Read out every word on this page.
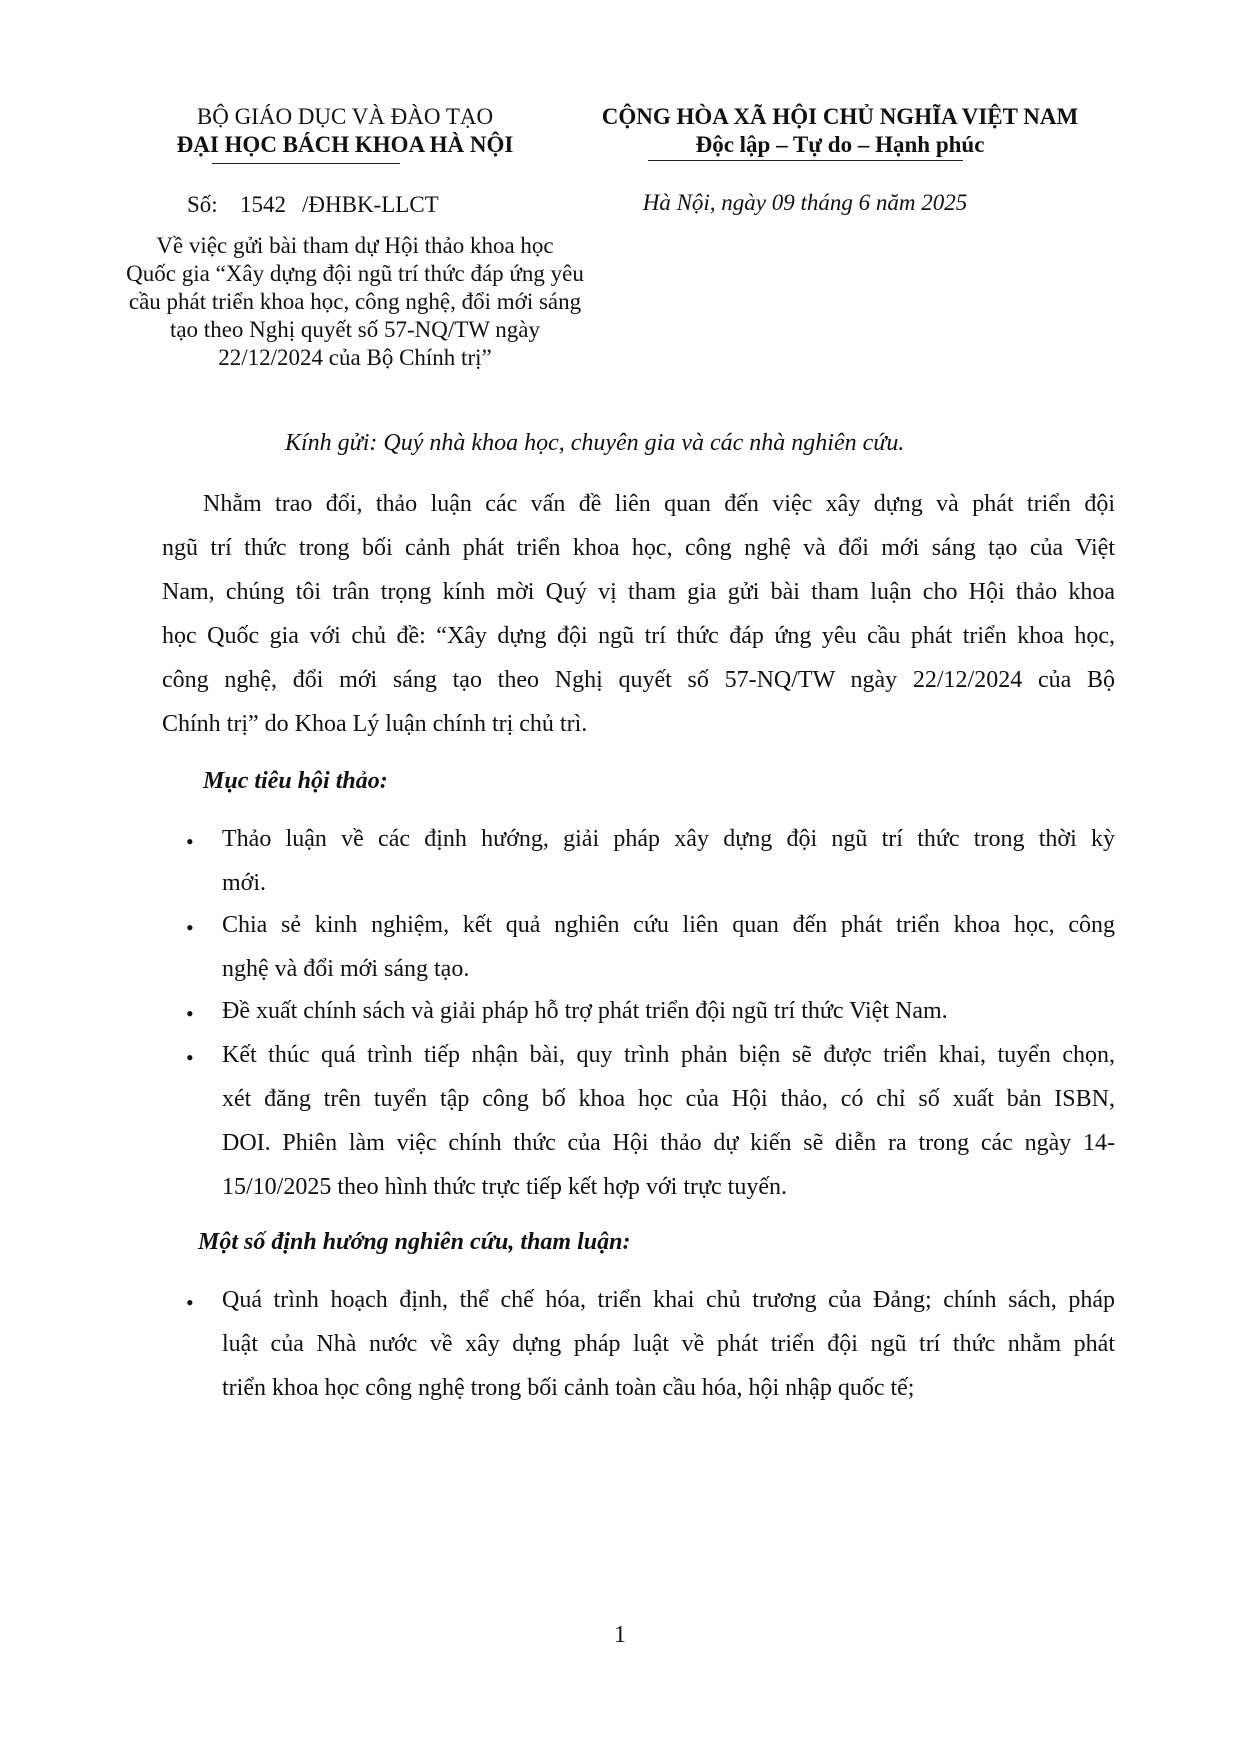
BỘ GIÁO DỤC VÀ ĐÀO TẠO
ĐẠI HỌC BÁCH KHOA HÀ NỘI
Số: 1542 /ĐHBK-LLCT
CỘNG HÒA XÃ HỘI CHỦ NGHĨA VIỆT NAM
Độc lập – Tự do – Hạnh phúc
Hà Nội, ngày 09 tháng 6 năm 2025
Về việc gửi bài tham dự Hội thảo khoa học
Quốc gia “Xây dựng đội ngũ trí thức đáp ứng yêu
cầu phát triển khoa học, công nghệ, đổi mới sáng
tạo theo Nghị quyết số 57-NQ/TW ngày
22/12/2024 của Bộ Chính trị”
Kính gửi: Quý nhà khoa học, chuyên gia và các nhà nghiên cứu.
Nhằm trao đổi, thảo luận các vấn đề liên quan đến việc xây dựng và phát triển đội
ngũ trí thức trong bối cảnh phát triển khoa học, công nghệ và đổi mới sáng tạo của Việt
Nam, chúng tôi trân trọng kính mời Quý vị tham gia gửi bài tham luận cho Hội thảo khoa
học Quốc gia với chủ đề: “Xây dựng đội ngũ trí thức đáp ứng yêu cầu phát triển khoa học,
công nghệ, đổi mới sáng tạo theo Nghị quyết số 57-NQ/TW ngày 22/12/2024 của Bộ
Chính trị” do Khoa Lý luận chính trị chủ trì.
Mục tiêu hội thảo:
• Thảo luận về các định hướng, giải pháp xây dựng đội ngũ trí thức trong thời kỳ
mới.
• Chia sẻ kinh nghiệm, kết quả nghiên cứu liên quan đến phát triển khoa học, công
nghệ và đổi mới sáng tạo.
• Đề xuất chính sách và giải pháp hỗ trợ phát triển đội ngũ trí thức Việt Nam.
• Kết thúc quá trình tiếp nhận bài, quy trình phản biện sẽ được triển khai, tuyển chọn,
xét đăng trên tuyển tập công bố khoa học của Hội thảo, có chỉ số xuất bản ISBN,
DOI. Phiên làm việc chính thức của Hội thảo dự kiến sẽ diễn ra trong các ngày 14-
15/10/2025 theo hình thức trực tiếp kết hợp với trực tuyến.
Một số định hướng nghiên cứu, tham luận:
• Quá trình hoạch định, thể chế hóa, triển khai chủ trương của Đảng; chính sách, pháp
luật của Nhà nước về xây dựng pháp luật về phát triển đội ngũ trí thức nhằm phát
triển khoa học công nghệ trong bối cảnh toàn cầu hóa, hội nhập quốc tế;
1
